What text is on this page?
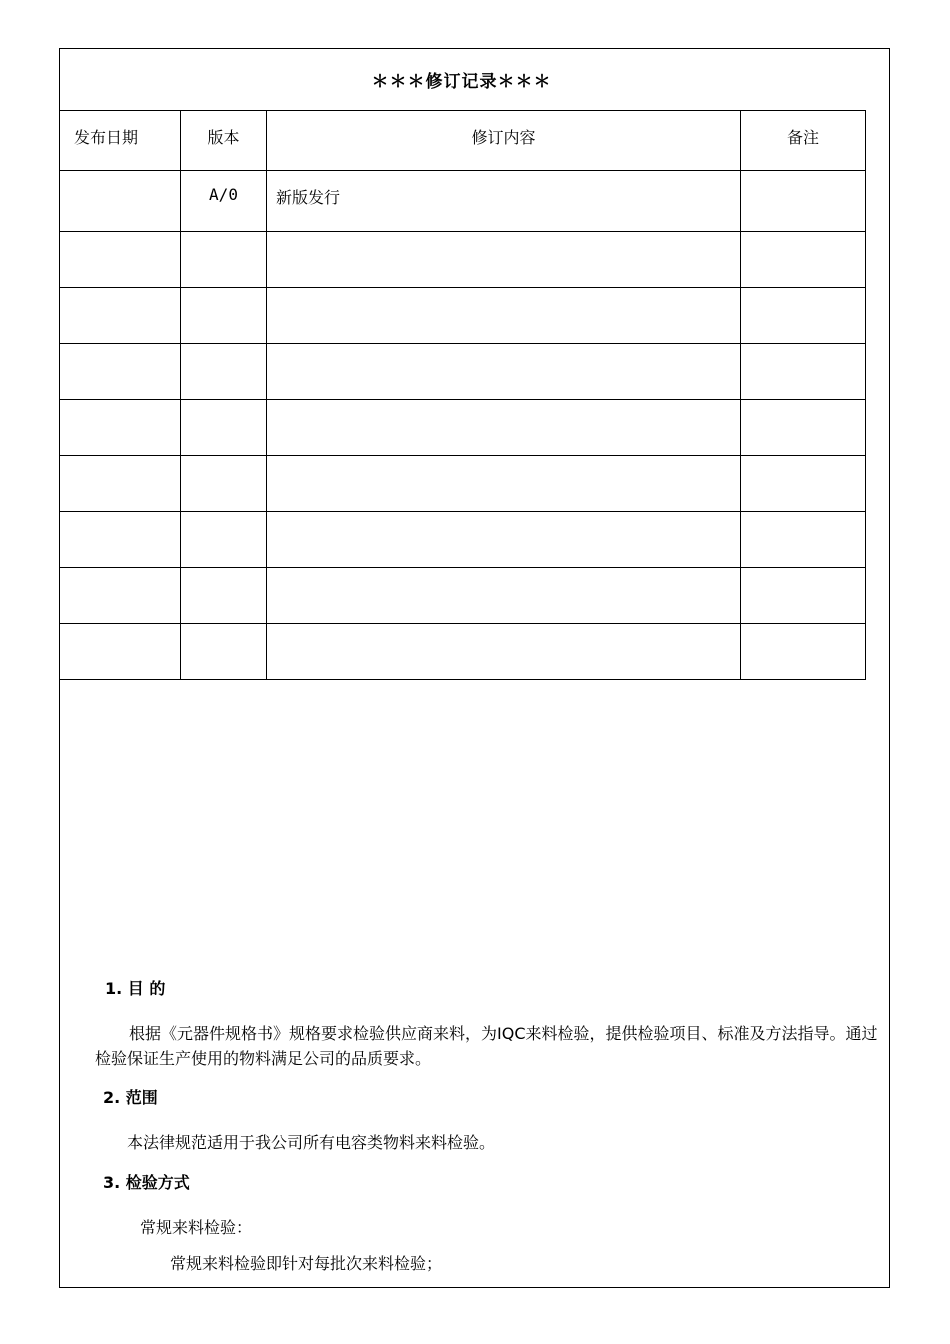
＊＊＊修订记录＊＊＊
发布日期	版本	修订内容	备注
	A/0	新版发行	

1. 目 的
根据《元器件规格书》规格要求检验供应商来料，为IQC来料检验，提供检验项目、标准及方法指导。通过检验保证生产使用的物料满足公司的品质要求。
2. 范围
本法律规范适用于我公司所有电容类物料来料检验。
3. 检验方式
常规来料检验：
常规来料检验即针对每批次来料检验；
